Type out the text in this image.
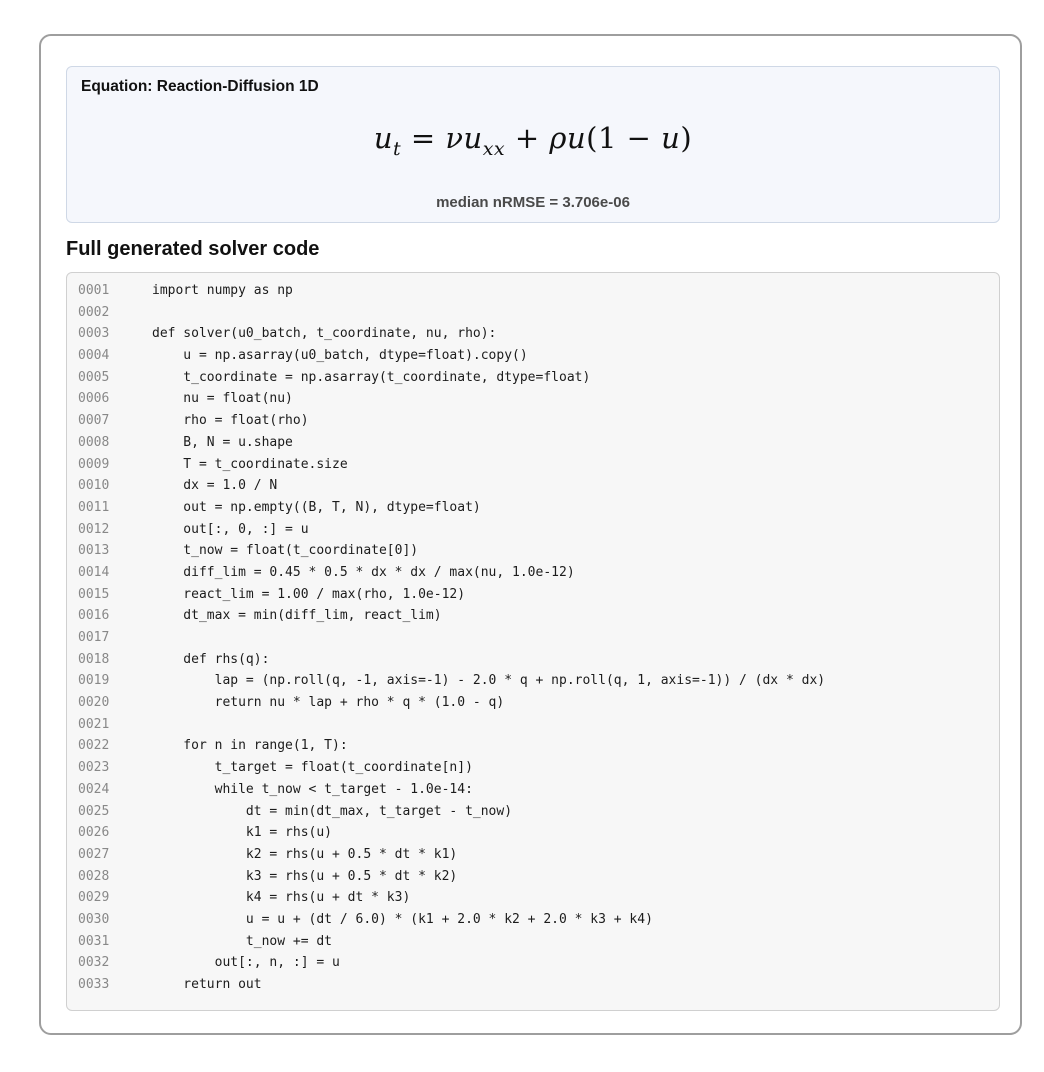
Equation: Reaction-Diffusion 1D
$u_t = \nu u_{xx} + \rho u(1 - u)$
median nRMSE = 3.706e-06
Full generated solver code
0001	import numpy as np
0002
0003	def solver(u0_batch, t_coordinate, nu, rho):
0004	u = np.asarray(u0_batch, dtype=float).copy()
0005	t_coordinate = np.asarray(t_coordinate, dtype=float)
0006	nu = float(nu)
0007	rho = float(rho)
0008	B, N = u.shape
0009	T = t_coordinate.size
0010	dx = 1.0 / N
0011	out = np.empty((B, T, N), dtype=float)
0012	out[:, 0, :] = u
0013	t_now = float(t_coordinate[0])
0014	diff_lim = 0.45 * 0.5 * dx * dx / max(nu, 1.0e-12)
0015	react_lim = 1.00 / max(rho, 1.0e-12)
0016	dt_max = min(diff_lim, react_lim)
0017
0018	def rhs(q):
0019	lap = (np.roll(q, -1, axis=-1) - 2.0 * q + np.roll(q, 1, axis=-1)) / (dx * dx)
0020	return nu * lap + rho * q * (1.0 - q)
0021
0022	for n in range(1, T):
0023	t_target = float(t_coordinate[n])
0024	while t_now < t_target - 1.0e-14:
0025	dt = min(dt_max, t_target - t_now)
0026	k1 = rhs(u)
0027	k2 = rhs(u + 0.5 * dt * k1)
0028	k3 = rhs(u + 0.5 * dt * k2)
0029	k4 = rhs(u + dt * k3)
0030	u = u + (dt / 6.0) * (k1 + 2.0 * k2 + 2.0 * k3 + k4)
0031	t_now += dt
0032	out[:, n, :] = u
0033	return out
